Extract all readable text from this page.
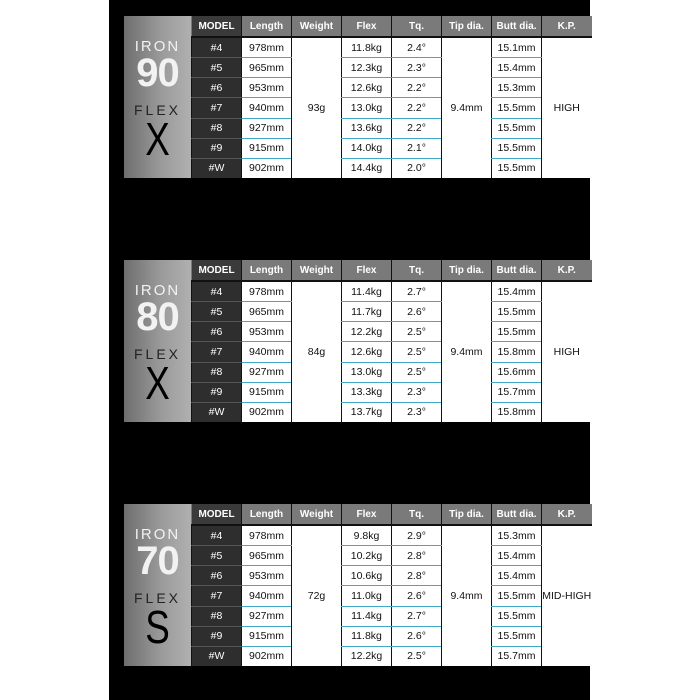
IRON
90
FLEX
X
MODEL	Length	Weight	Flex	Tq.	Tip dia.	Butt dia.	K.P.
#4	978mm	93g	11.8kg	2.4°	9.4mm	15.1mm	HIGH
#5	965mm		12.3kg	2.3°		15.4mm	
#6	953mm		12.6kg	2.2°		15.3mm	
#7	940mm		13.0kg	2.2°		15.5mm	
#8	927mm		13.6kg	2.2°		15.5mm	
#9	915mm		14.0kg	2.1°		15.5mm	
#W	902mm		14.4kg	2.0°		15.5mm	
IRON
80
FLEX
X
MODEL	Length	Weight	Flex	Tq.	Tip dia.	Butt dia.	K.P.
#4	978mm	84g	11.4kg	2.7°	9.4mm	15.4mm	HIGH
#5	965mm		11.7kg	2.6°		15.5mm	
#6	953mm		12.2kg	2.5°		15.5mm	
#7	940mm		12.6kg	2.5°		15.8mm	
#8	927mm		13.0kg	2.5°		15.6mm	
#9	915mm		13.3kg	2.3°		15.7mm	
#W	902mm		13.7kg	2.3°		15.8mm	
IRON
70
FLEX
S
MODEL	Length	Weight	Flex	Tq.	Tip dia.	Butt dia.	K.P.
#4	978mm	72g	9.8kg	2.9°	9.4mm	15.3mm	MID-HIGH
#5	965mm		10.2kg	2.8°		15.4mm	
#6	953mm		10.6kg	2.8°		15.4mm	
#7	940mm		11.0kg	2.6°		15.5mm	
#8	927mm		11.4kg	2.7°		15.5mm	
#9	915mm		11.8kg	2.6°		15.5mm	
#W	902mm		12.2kg	2.5°		15.7mm	
